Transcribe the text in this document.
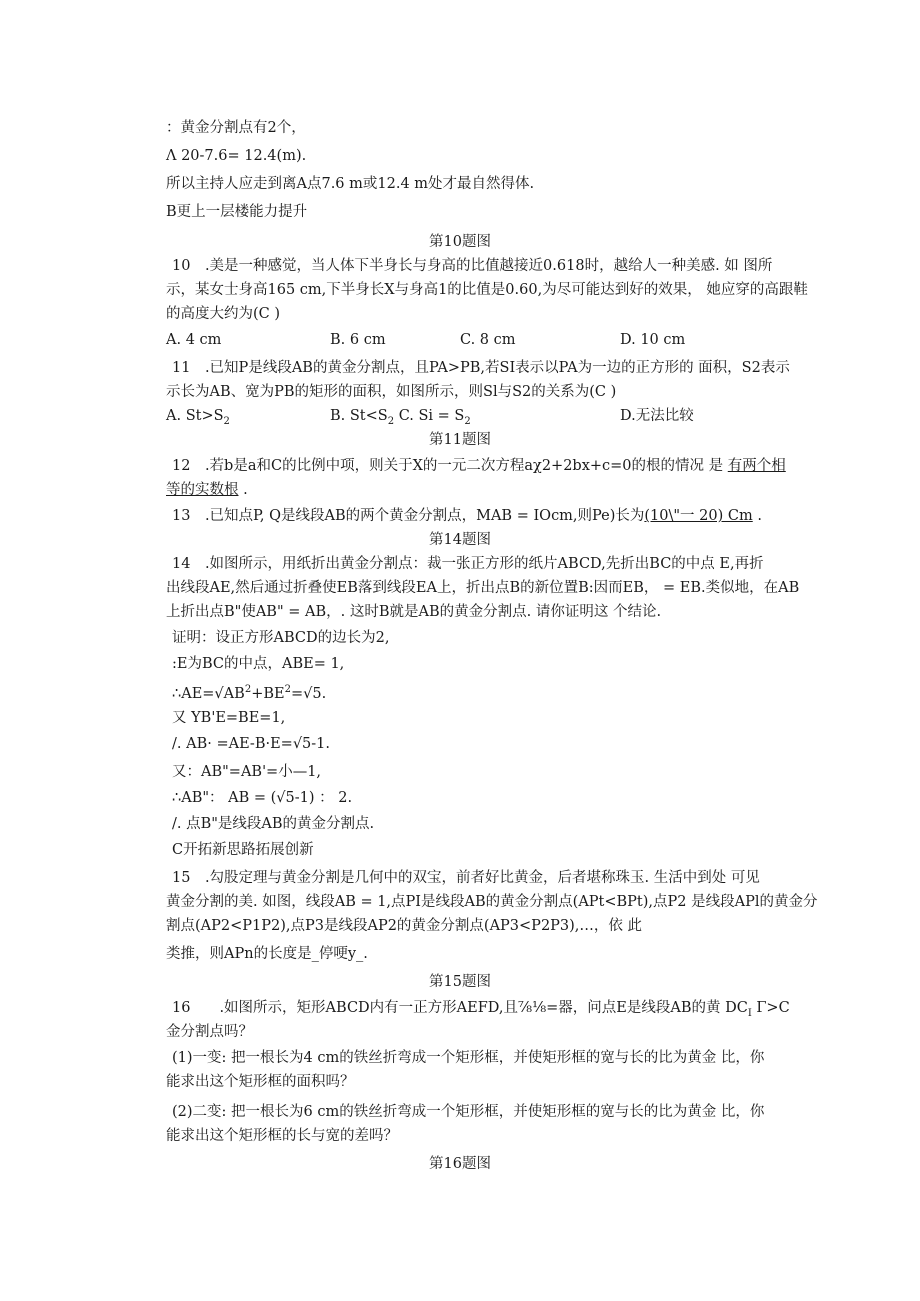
：黄金分割点有2个，
Λ 20-7.6= 12.4(m).
所以主持人应走到离A点7.6 m或12.4 m处才最自然得体.
B更上一层楼能力提升
第10题图
10　.美是一种感觉，当人体下半身长与身高的比值越接近0.618时，越给人一种美感. 如 图所
示，某女士身高165 cm,下半身长X与身高1的比值是0.60,为尽可能达到好的效果， 她应穿的高跟鞋
的高度大约为(C )
A. 4 cm	B. 6 cm	C. 8 cm	D. 10 cm
11　.已知P是线段AB的黄金分割点，且PA>PB,若SI表示以PA为一边的正方形的 面积，S2表示
示长为AB、宽为PB的矩形的面积，如图所示，则Sl与S2的关系为(C )
A. $St>S_2$	B. $St<S_2$ C. $Si = S_2$	D.无法比较
第11题图
12　.若b是a和C的比例中项，则关于X的一元二次方程aχ2+2bx+c=0的根的情况 是 有两个相
等的实数根 .
13　.已知点P, Q是线段AB的两个黄金分割点，MAB = IOcm,则Pe)长为(10\"一 20) Cm .
第14题图
14　.如图所示，用纸折出黄金分割点：裁一张正方形的纸片ABCD,先折出BC的中点 E,再折
出线段AE,然后通过折叠使EB落到线段EA上，折出点B的新位置B:因而EB， = EB.类似地，在AB
上折出点B"使AB" = AB，. 这时B就是AB的黄金分割点. 请你证明这 个结论.
证明：设正方形ABCD的边长为2,
:E为BC的中点，ABE= 1,
$\therefore AE=√AB^2+BE^2=√5$.
又 YB'E=BE=1,
/. AB· =AE-B·E=√5-1.
又：AB"=AB'=小—1,
∴AB"： AB = (√5-1) ： 2.
/. 点B"是线段AB的黄金分割点.
C开拓新思路拓展创新
15　.勾股定理与黄金分割是几何中的双宝，前者好比黄金，后者堪称珠玉. 生活中到处 可见
黄金分割的美. 如图，线段AB = 1,点PI是线段AB的黄金分割点(APt<BPt),点P2 是线段APl的黄金分
割点(AP2<P1P2),点P3是线段AP2的黄金分割点(AP3<P2P3),…，依 此
类推，则APn的长度是_停哽y_.
第15题图
16　　.如图所示，矩形ABCD内有一正方形AEFD,且⅞⅛=器，问点E是线段AB的黄 $DC_I$ Γ>C
金分割点吗？
(1)一变: 把一根长为4 cm的铁丝折弯成一个矩形框，并使矩形框的宽与长的比为黄金 比，你
能求出这个矩形框的面积吗？
(2)二变: 把一根长为6 cm的铁丝折弯成一个矩形框，并使矩形框的宽与长的比为黄金 比，你
能求出这个矩形框的长与宽的差吗？
第16题图
